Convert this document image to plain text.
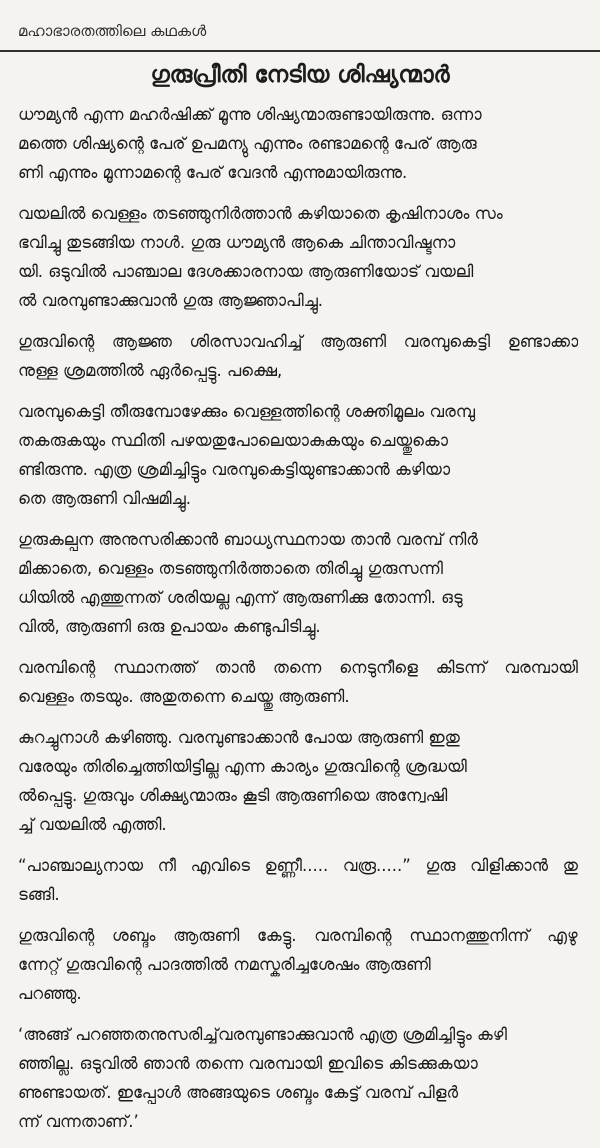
മഹാഭാരതത്തിലെ കഥകൾ
ഗുരുപ്രീതി നേടിയ ശിഷ്യന്മാർ

ധൗമ്യൻ എന്ന മഹർഷിക്ക് മൂന്നു ശിഷ്യന്മാരുണ്ടായിരുന്നു. ഒന്നാ
മത്തെ ശിഷ്യന്റെ പേര് ഉപമന്യു എന്നും രണ്ടാമന്റെ പേര് ആരു
ണി എന്നും മൂന്നാമന്റെ പേര് വേദൻ എന്നുമായിരുന്നു.

വയലിൽ വെള്ളം തടഞ്ഞുനിർത്താൻ കഴിയാതെ കൃഷിനാശം സം
ഭവിച്ചു തുടങ്ങിയ നാൾ. ഗുരു ധൗമ്യൻ ആകെ ചിന്താവിഷ്ടനാ
യി. ഒടുവിൽ പാഞ്ചാല ദേശക്കാരനായ ആരുണിയോട് വയലി
ൽ വരമ്പുണ്ടാക്കുവാൻ ഗുരു ആജ്ഞാപിച്ചു.

ഗുരുവിന്റെ ആജ്ഞ ശിരസാവഹിച്ച് ആരുണി വരമ്പുകെട്ടി ഉണ്ടാക്കാ
നുള്ള ശ്രമത്തിൽ ഏർപ്പെട്ടു. പക്ഷെ,

വരമ്പുകെട്ടി തീരുമ്പോഴേക്കും വെള്ളത്തിന്റെ ശക്തിമൂലം വരമ്പു
തകരുകയും സ്ഥിതി പഴയതുപോലെയാകുകയും ചെയ്തുകൊ
ണ്ടിരുന്നു. എത്ര ശ്രമിച്ചിട്ടും വരമ്പുകെട്ടിയുണ്ടാക്കാൻ കഴിയാ
തെ ആരുണി വിഷമിച്ചു.

ഗുരുകല്പന അനുസരിക്കാൻ ബാധ്യസ്ഥനായ താൻ വരമ്പ് നിർ
മിക്കാതെ, വെള്ളം തടഞ്ഞുനിർത്താതെ തിരിച്ചു ഗുരുസന്നി
ധിയിൽ എത്തുന്നത് ശരിയല്ല എന്ന് ആരുണിക്കു തോന്നി. ഒടു
വിൽ, ആരുണി ഒരു ഉപായം കണ്ടുപിടിച്ചു.

വരമ്പിന്റെ സ്ഥാനത്ത് താൻ തന്നെ നെടുനീളെ കിടന്ന് വരമ്പായി
വെള്ളം തടയും. അതുതന്നെ ചെയ്തു ആരുണി.

കുറച്ചുനാൾ കഴിഞ്ഞു. വരമ്പുണ്ടാക്കാൻ പോയ ആരുണി ഇതു
വരേയും തിരിച്ചെത്തിയിട്ടില്ല എന്ന കാര്യം ഗുരുവിന്റെ ശ്രദ്ധയി
ൽപ്പെട്ടു. ഗുരുവും ശിക്ഷ്യന്മാരും കൂടി ആരുണിയെ അന്വേഷി
ച്ച് വയലിൽ എത്തി.

“പാഞ്ചാല്യനായ നീ എവിടെ ഉണ്ണീ..... വരൂ.....” ഗുരു വിളിക്കാൻ തു
ടങ്ങി.

ഗുരുവിന്റെ ശബ്ദം ആരുണി കേട്ടു. വരമ്പിന്റെ സ്ഥാനത്തുനിന്ന് എഴു
ന്നേറ്റ് ഗുരുവിന്റെ പാദത്തിൽ നമസ്കരിച്ചശേഷം ആരുണി
പറഞ്ഞു.

‘അങ്ങ് പറഞ്ഞതനുസരിച്ച്‌വരമ്പുണ്ടാക്കുവാൻ എത്ര ശ്രമിച്ചിട്ടും കഴി
ഞ്ഞില്ല. ഒടുവിൽ ഞാൻ തന്നെ വരമ്പായി ഇവിടെ കിടക്കുകയാ
ണുണ്ടായത്. ഇപ്പോൾ അങ്ങയുടെ ശബ്ദം കേട്ട് വരമ്പ് പിളർ
ന്ന് വന്നതാണ്.’
